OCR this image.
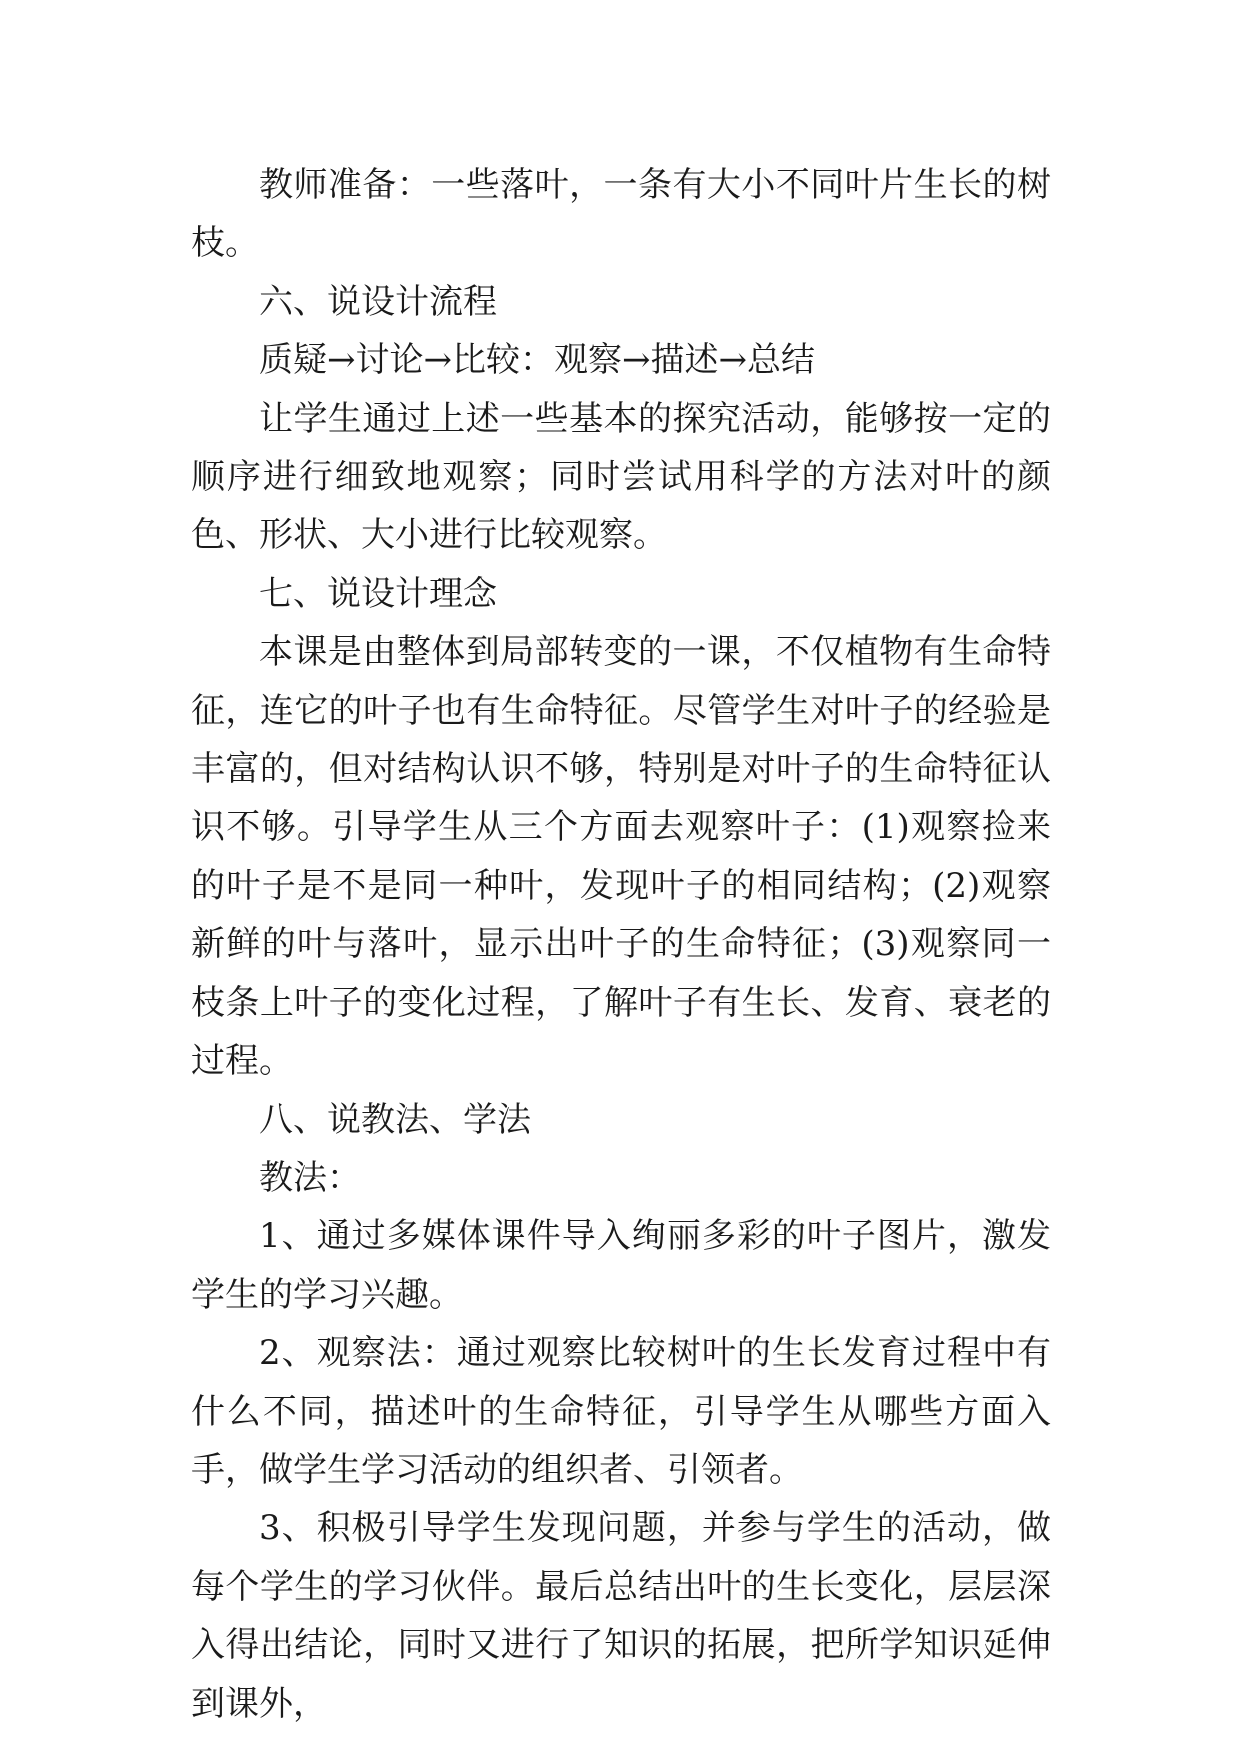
教师准备：一些落叶，一条有大小不同叶片生长的树枝。

六、说设计流程

质疑→讨论→比较：观察→描述→总结

让学生通过上述一些基本的探究活动，能够按一定的顺序进行细致地观察；同时尝试用科学的方法对叶的颜色、形状、大小进行比较观察。

七、说设计理念

本课是由整体到局部转变的一课，不仅植物有生命特征，连它的叶子也有生命特征。尽管学生对叶子的经验是丰富的，但对结构认识不够，特别是对叶子的生命特征认识不够。引导学生从三个方面去观察叶子：(1)观察捡来的叶子是不是同一种叶，发现叶子的相同结构；(2)观察新鲜的叶与落叶，显示出叶子的生命特征；(3)观察同一枝条上叶子的变化过程，了解叶子有生长、发育、衰老的过程。

八、说教法、学法

教法：

1、通过多媒体课件导入绚丽多彩的叶子图片，激发学生的学习兴趣。

2、观察法：通过观察比较树叶的生长发育过程中有什么不同，描述叶的生命特征，引导学生从哪些方面入手，做学生学习活动的组织者、引领者。

3、积极引导学生发现问题，并参与学生的活动，做每个学生的学习伙伴。最后总结出叶的生长变化，层层深入得出结论，同时又进行了知识的拓展，把所学知识延伸到课外，
